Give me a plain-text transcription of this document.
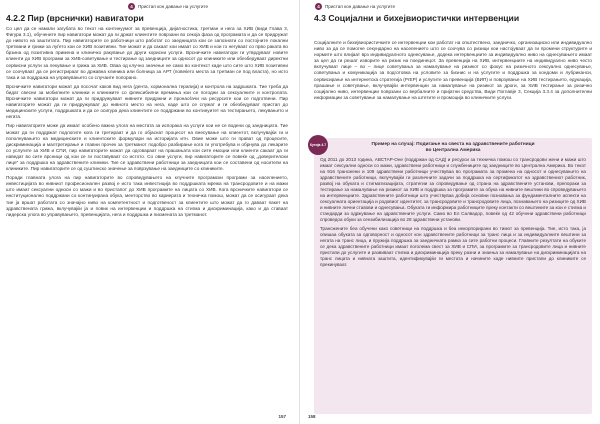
4	Пристап кон давање на услугите
4.2.2 Пир (врснички) навигатори

Со цел да се намали загубата во текот на континуумот за превенција, дијагностика, третман и нега за ХИВ (види Глава 3, Фигура 3.1), обучените пир навигатори можат да ги држат клиентите поврзани во секоја фаза од програмата и да се придружат до нивото на заштитата. Пир навигаторите се работници што работат со заедницата кои се запознати со постојните локални третмани и грижи за луѓето кои се ХИВ позитивни. Тие можат и да сакаат кои имаат со ХИВ и кои го негуваат со прво раката во брзина од позитивна примена и клиничко ракување до други корисни услуги. Врсничките навигатори ги утврдуваат новите клиенти до ХИВ програми за ХИВ-советување и тестирање од заедниците за односот до клиниките или обезбедуваат директни сервисни услуги за лекување и грижа за ХИВ. Оваа од клучно значење не само во контекст каде што сите што ХИВ позитивни се соочуваат да се регистрираат во државна клиника или болница за АРТ (повеќето места за третман се под власта), но исто така и за поддршка на управувањето со случаите попорано.

Врсничките навигатори можат да посочат каков вид нега (дента, хормонална терапија) и контрола на задршката. Тие треба да бидат свесни за мобилните клиники и клиниките со флексибилни времиња кои се погодни за сексуалните и контролата. Врсничките навигатори можат да ги придружуваат нивните придржни и пронаоѓачи на ресурсите кои се подготвени. Пир навигаторите можат да ги придружуваат до нивното место на нега, каде што се служат и ги обезбедуваат пристап до медицинските услуги, поддршката и да се осигура дека клиентите се поддржани во континуитет на тестирањето, лекувањето и негата.

Пир навигаторите може да имаат особено важна улога на местата за испорака на услуги кои не се водени од заедницата. Тие можат да ги поддржат подлогите кога ги третираат и да го објаснат процесот на внесување на клиентот, вклучувајќи ги и пополнувањето на медицинските и клиентските формулари на историјата итн. Овие може што ги прават од процесите, дискриминација и малтретирање и главни прочек за третманот подобро разбирање кога ги употребува и обрнува до лекарите со услугите за ХИВ и СПИ, пир навигаторите можат да одговараат на прашањата кои сите емоции или клиенти сакаат да ги наведат во сите врсници од кои се ги поставуваат со истото. Со овие услуги, пир навигаторите се повеќе од „доверителски лице“ за поддршка на здравствените клиники. Тие се здравствени работници за заедницата кои се составени од носители на клиниките. Пир навигаторите се од суштинско значење за поврзување на заедниците со клиниките.

Поради главната улога на пир навигаторите во спроведувањето на клучните програмски програми за населението, инвестицијата во нивниот професионален развој е исто така инвестиција во поддршката мрежа на трансродовите и на мажи што имаат сексуални односи со мажи и во пристапот до ХИВ програмите на лицата со ХИВ. Кога врсничките навигатори се институционално поддржани со континуирана обука, менторство во кариерата и техничка помош, можат да се осигураат дека тие ја вршат работата со значајно ниво на компетентност и подготвеност за клиентите што можат да го даваат пакет на здравствената грижа, вклучувајќи ја и повик на интервенции и поддршка на стигма и дискриминација, како и да ставаат лидерска улога во управувањето, превенцијата, нега и поддршка и писмената за третманот.

157
4	Пристап кон давање на услугите
4.3 Социјални и бихејвиористички интервенции
Социјалните и бихејвиористичките се интервенции кои работат на општествено, заедничко, организациско или индивидуално ниво за да се помогне секундарно на населението што се соочува со ризици кои настојуваат да ги промени структурите и нормите што влијаат врз индивидуалното однесување, додека интервенциите за индивидуално ниво на однесувањето имаат за цел да ги решат изворите на ризик на поединецот. За превенција на ХИВ, интервенциите на индивидуално ниво често вклучуваат лице – во – лице советувања за намалување на ризикот со фокус на ризичното сексуално однесување, советувања и комуникација за подготовка на условите за бизнис и на услугите и поддршка за кондоми и лубриканси, сервисирање на интернетска стратегија (PrEP) и услугите за превенција (ВИП) и поврзување на ХИВ тестирањето, едукација, прашање и советување, вклучувајќи интервенции за намалување на ризикот за дроги, за ХИВ тестирање за ризично социјално ниво, интервенции поврзани со вербалните и пријатни средства, Види Поглавје 3, Секција 3.3.4 за дополнителни информации за советување за намалување на штетите и промоција во клиничките услуги.
Кутија 4.7	Пример на случај: Подигање на свеста на здравствените работници во Централна Америка

Од 2011 до 2013 година, АВСТАР-Оне (поддржан од САД) и ресурси за техничка помош со трансродови жени и мажи што имаат сексуални односи со мажи, здравствени работници и службениците од заедниците во Централна Америка. Во текот на 916 трансжени и 109 здравствени работници учествуваа во програмата за промена на односот и однесувањето на здравствените работници, вклучувајќи ги различните задачи за поддршка на сертификатот на здравствениот работник, развој на обуката и стигматизацијата, стратегии за спроведување од страна на здравствените установи, препораки за тестирање за намалување на ризикот за ХИВ и поддршка за програмите за обука на нивните вештини во спроведувањето на интервенциите. Здравствените работници што учествуваа добија основни познавања за фундаменталните аспекти на сексуалната ориентација и родовиот идентитет, за трансродовите и трансродовите лица, познавањето на ризиците од ХИВ и нивните лични ставови и однесувања. Обуката ги информира работниците преку контакти со вештините за кои е стигма и стандарди за одржување на здравствените услуги. Само во Ел Салвадор, повеќе од 42 обучени здравствени работници спроведоа обуки за сензибилизација во 28 здравствени установи.

Трансжените беа обучени како советници на поддршка и беа инкорпорирани во тимот за превенција. Тие, исто така, ја опишаа обуката за одговорност и односот кон здравствените работници за транс лица и за индивидуалните вештини за негата на транс лица, и пружија поддршка за заедничката рамка за сите работни процеси. Главните резултати на обуките се дека здравствените работници имаат поголема свест за ХИВ и СПИ, за програмите за трансродовите лица и нивните пристапи до услугите и развиваат стигма и дискриминација преку разни и знаења за намалување на дискриминацијата на транс лицата и нивната заштита, идентификувајќи ги местата и начините каде нивните пристапи до клиниките се прекинуваат.

158
